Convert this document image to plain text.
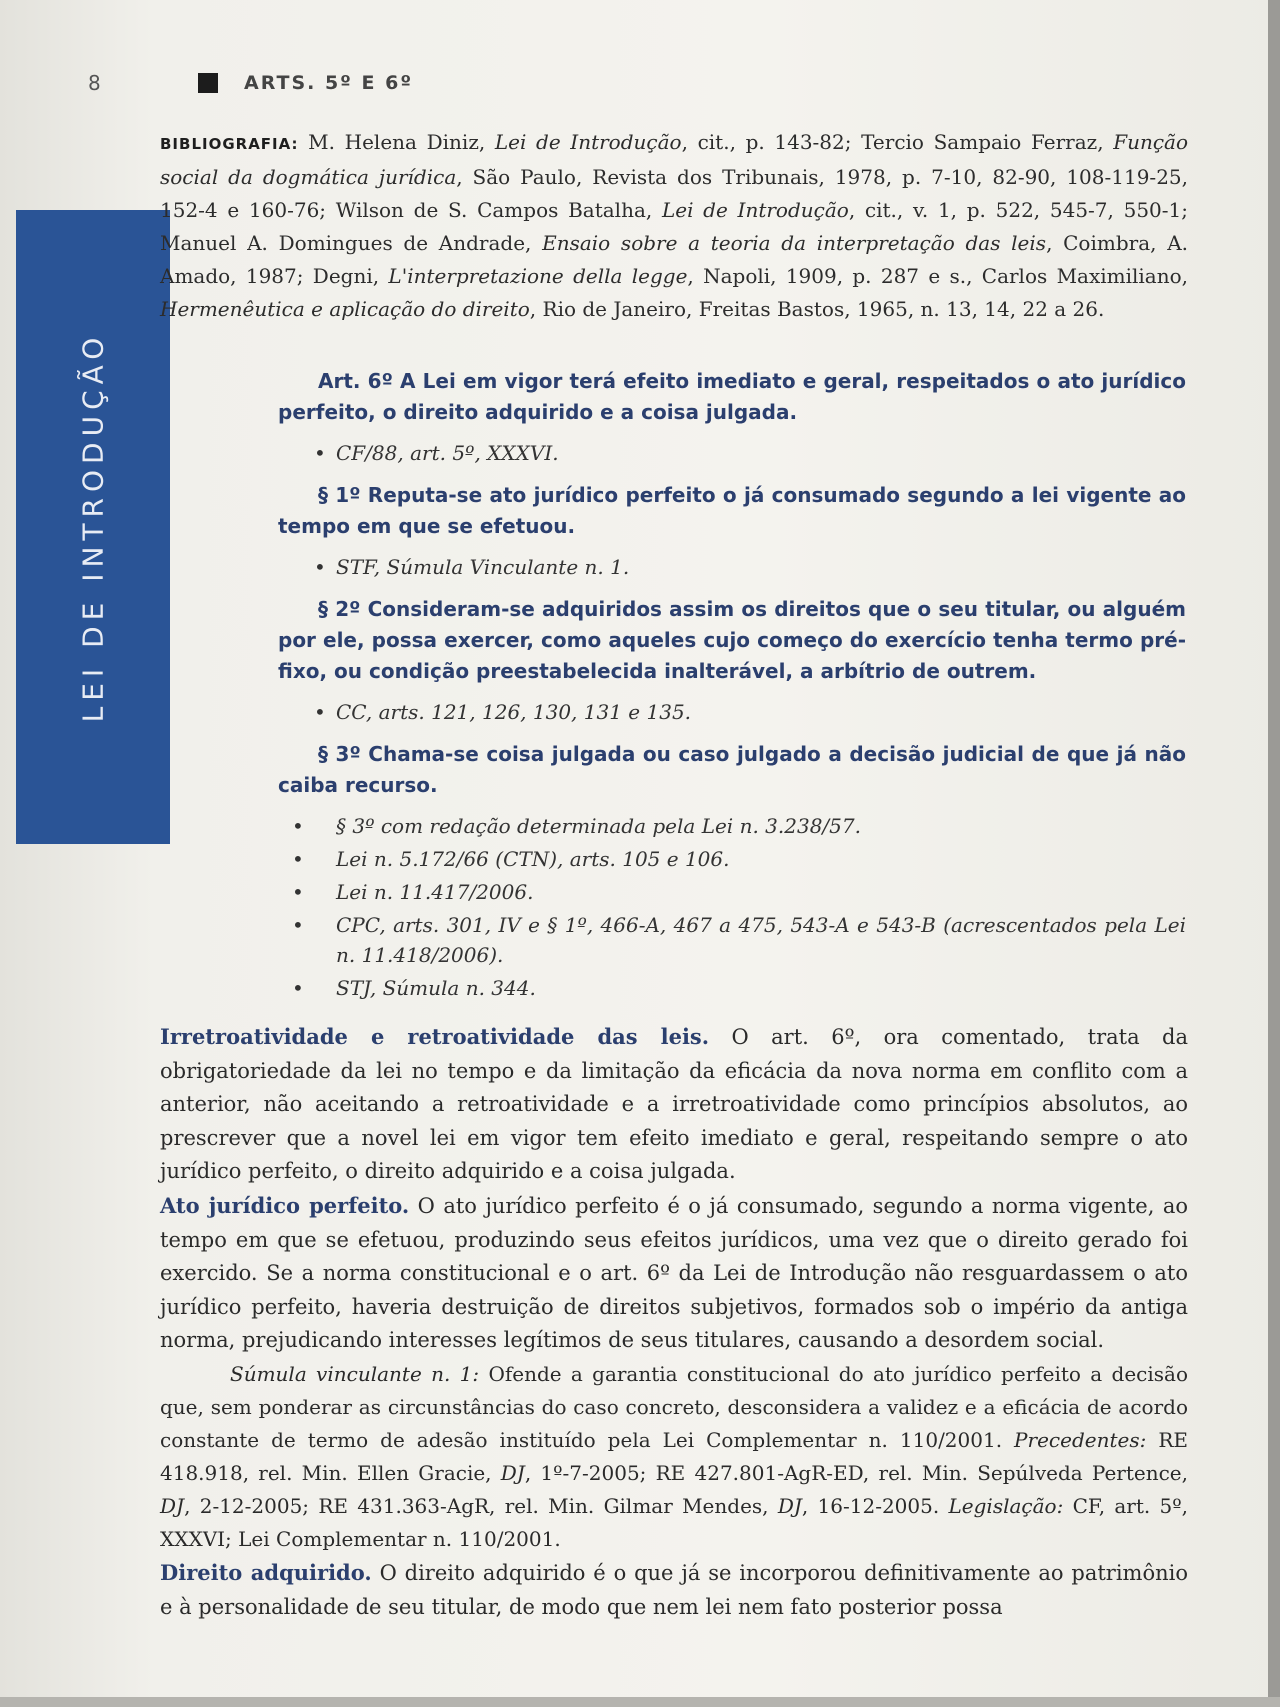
8	ARTS. 5º E 6º
LEI DE INTRODUÇÃO
BIBLIOGRAFIA: M. Helena Diniz, Lei de Introdução, cit., p. 143-82; Tercio Sampaio Ferraz, Função social da dogmática jurídica, São Paulo, Revista dos Tribunais, 1978, p. 7-10, 82-90, 108-119-25, 152-4 e 160-76; Wilson de S. Campos Batalha, Lei de Introdução, cit., v. 1, p. 522, 545-7, 550-1; Manuel A. Domingues de Andrade, Ensaio sobre a teoria da interpretação das leis, Coimbra, A. Amado, 1987; Degni, L'interpretazione della legge, Napoli, 1909, p. 287 e s., Carlos Maximiliano, Hermenêutica e aplicação do direito, Rio de Janeiro, Freitas Bastos, 1965, n. 13, 14, 22 a 26.

Art. 6º A Lei em vigor terá efeito imediato e geral, respeitados o ato jurídico perfeito, o direito adquirido e a coisa julgada.

• CF/88, art. 5º, XXXVI.

§ 1º Reputa-se ato jurídico perfeito o já consumado segundo a lei vigente ao tempo em que se efetuou.

• STF, Súmula Vinculante n. 1.

§ 2º Consideram-se adquiridos assim os direitos que o seu titular, ou alguém por ele, possa exercer, como aqueles cujo começo do exercício tenha termo pré-fixo, ou condição preestabelecida inalterável, a arbítrio de outrem.

• CC, arts. 121, 126, 130, 131 e 135.

§ 3º Chama-se coisa julgada ou caso julgado a decisão judicial de que já não caiba recurso.

• § 3º com redação determinada pela Lei n. 3.238/57.
• Lei n. 5.172/66 (CTN), arts. 105 e 106.
• Lei n. 11.417/2006.
• CPC, arts. 301, IV e § 1º, 466-A, 467 a 475, 543-A e 543-B (acrescentados pela Lei n. 11.418/2006).
• STJ, Súmula n. 344.

Irretroatividade e retroatividade das leis. O art. 6º, ora comentado, trata da obrigatoriedade da lei no tempo e da limitação da eficácia da nova norma em conflito com a anterior, não aceitando a retroatividade e a irretroatividade como princípios absolutos, ao prescrever que a novel lei em vigor tem efeito imediato e geral, respeitando sempre o ato jurídico perfeito, o direito adquirido e a coisa julgada.

Ato jurídico perfeito. O ato jurídico perfeito é o já consumado, segundo a norma vigente, ao tempo em que se efetuou, produzindo seus efeitos jurídicos, uma vez que o direito gerado foi exercido. Se a norma constitucional e o art. 6º da Lei de Introdução não resguardassem o ato jurídico perfeito, haveria destruição de direitos subjetivos, formados sob o império da antiga norma, prejudicando interesses legítimos de seus titulares, causando a desordem social.

Súmula vinculante n. 1: Ofende a garantia constitucional do ato jurídico perfeito a decisão que, sem ponderar as circunstâncias do caso concreto, desconsidera a validez e a eficácia de acordo constante de termo de adesão instituído pela Lei Complementar n. 110/2001. Precedentes: RE 418.918, rel. Min. Ellen Gracie, DJ, 1º-7-2005; RE 427.801-AgR-ED, rel. Min. Sepúlveda Pertence, DJ, 2-12-2005; RE 431.363-AgR, rel. Min. Gilmar Mendes, DJ, 16-12-2005. Legislação: CF, art. 5º, XXXVI; Lei Complementar n. 110/2001.

Direito adquirido. O direito adquirido é o que já se incorporou definitivamente ao patrimônio e à personalidade de seu titular, de modo que nem lei nem fato posterior possa
